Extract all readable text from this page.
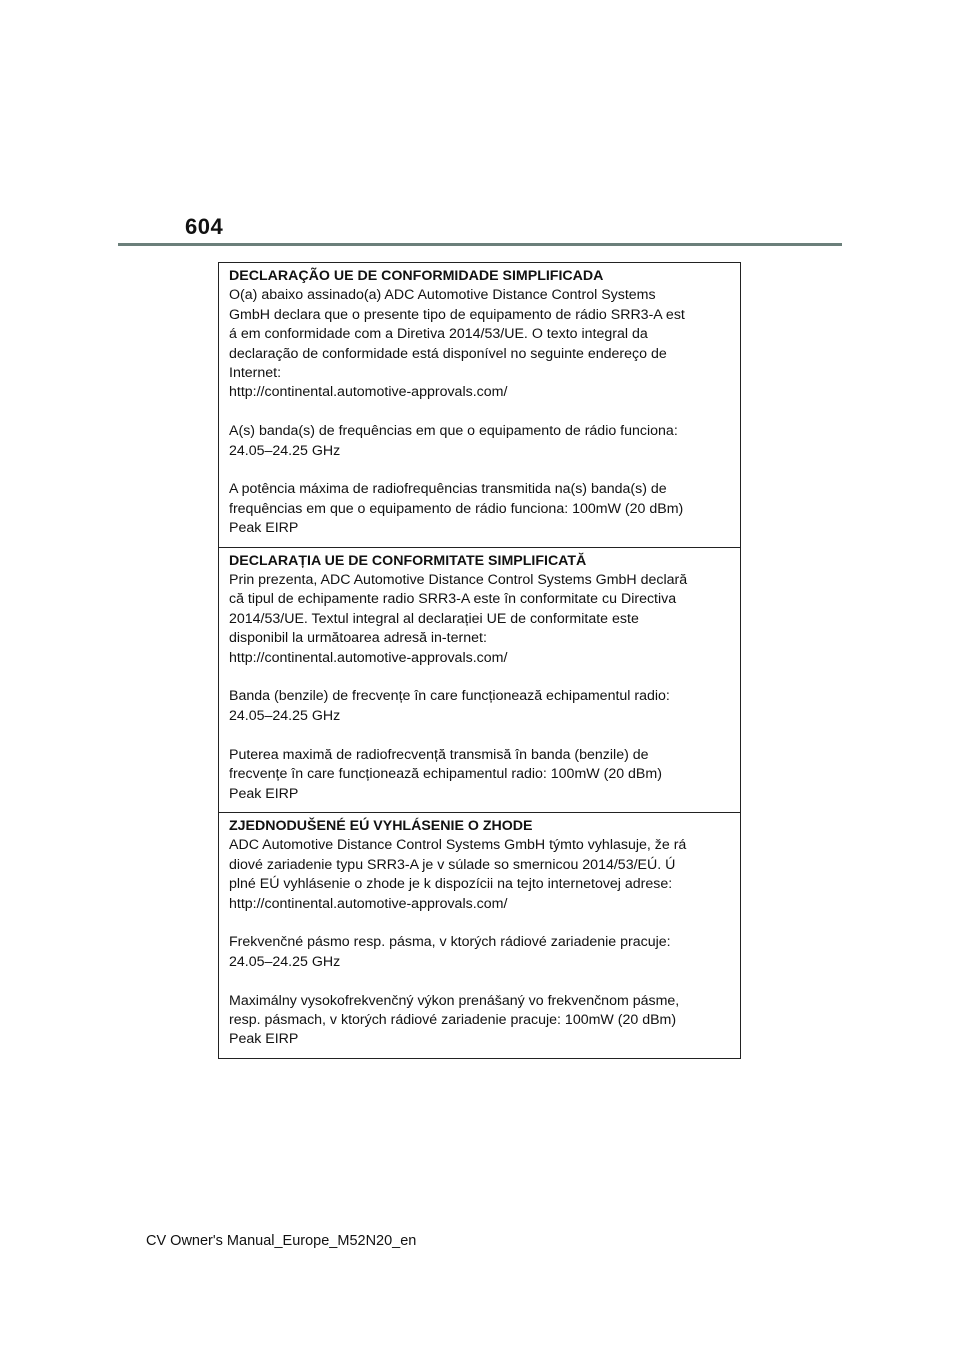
604
DECLARAÇÃO UE DE CONFORMIDADE SIMPLIFICADA
O(a) abaixo assinado(a) ADC Automotive Distance Control Systems
GmbH declara que o presente tipo de equipamento de rádio SRR3-A est
á em conformidade com a Diretiva 2014/53/UE. O texto integral da
declaração de conformidade está disponível no seguinte endereço de
Internet:
http://continental.automotive-approvals.com/
A(s) banda(s) de frequências em que o equipamento de rádio funciona:
24.05–24.25 GHz
A potência máxima de radiofrequências transmitida na(s) banda(s) de
frequências em que o equipamento de rádio funciona: 100mW (20 dBm)
Peak EIRP
DECLARAȚIA UE DE CONFORMITATE SIMPLIFICATĂ
Prin prezenta, ADC Automotive Distance Control Systems GmbH declară
că tipul de echipamente radio SRR3-A este în conformitate cu Directiva
2014/53/UE. Textul integral al declarației UE de conformitate este
disponibil la următoarea adresă in-ternet:
http://continental.automotive-approvals.com/
Banda (benzile) de frecvențe în care funcționează echipamentul radio:
24.05–24.25 GHz
Puterea maximă de radiofrecvență transmisă în banda (benzile) de
frecvențe în care funcționează echipamentul radio: 100mW (20 dBm)
Peak EIRP
ZJEDNODUŠENÉ EÚ VYHLÁSENIE O ZHODE
ADC Automotive Distance Control Systems GmbH týmto vyhlasuje, že rá
diové zariadenie typu SRR3-A je v súlade so smernicou 2014/53/EÚ. Ú
plné EÚ vyhlásenie o zhode je k dispozícii na tejto internetovej adrese:
http://continental.automotive-approvals.com/
Frekvenčné pásmo resp. pásma, v ktorých rádiové zariadenie pracuje:
24.05–24.25 GHz
Maximálny vysokofrekvenčný výkon prenášaný vo frekvenčnom pásme,
resp. pásmach, v ktorých rádiové zariadenie pracuje: 100mW (20 dBm)
Peak EIRP
CV Owner's Manual_Europe_M52N20_en
